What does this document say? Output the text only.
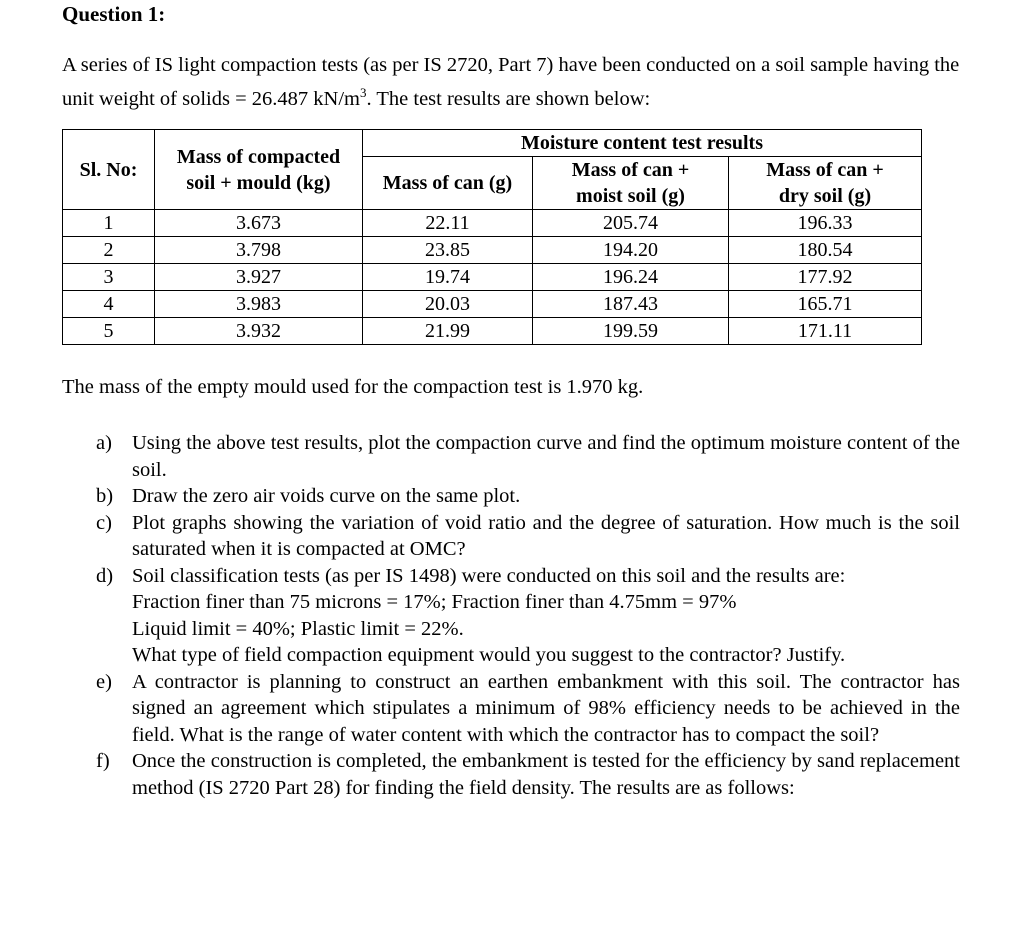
Question 1:

A series of IS light compaction tests (as per IS 2720, Part 7) have been conducted on a soil sample having the unit weight of solids = 26.487 $kN/m^3$. The test results are shown below:

Sl. No:	Mass of compacted soil + mould (kg)	Moisture content test results		
		Mass of can (g)	Mass of can + moist soil (g)	Mass of can + dry soil (g)
1	3.673	22.11	205.74	196.33
2	3.798	23.85	194.20	180.54
3	3.927	19.74	196.24	177.92
4	3.983	20.03	187.43	165.71
5	3.932	21.99	199.59	171.11

The mass of the empty mould used for the compaction test is 1.970 kg.

a) Using the above test results, plot the compaction curve and find the optimum moisture content of the soil.
b) Draw the zero air voids curve on the same plot.
c) Plot graphs showing the variation of void ratio and the degree of saturation. How much is the soil saturated when it is compacted at OMC?
d) Soil classification tests (as per IS 1498) were conducted on this soil and the results are:
Fraction finer than 75 microns = 17%; Fraction finer than 4.75mm = 97%
Liquid limit = 40%; Plastic limit = 22%.
What type of field compaction equipment would you suggest to the contractor? Justify.
e) A contractor is planning to construct an earthen embankment with this soil. The contractor has signed an agreement which stipulates a minimum of 98% efficiency needs to be achieved in the field. What is the range of water content with which the contractor has to compact the soil?
f) Once the construction is completed, the embankment is tested for the efficiency by sand replacement method (IS 2720 Part 28) for finding the field density. The results are as follows:
